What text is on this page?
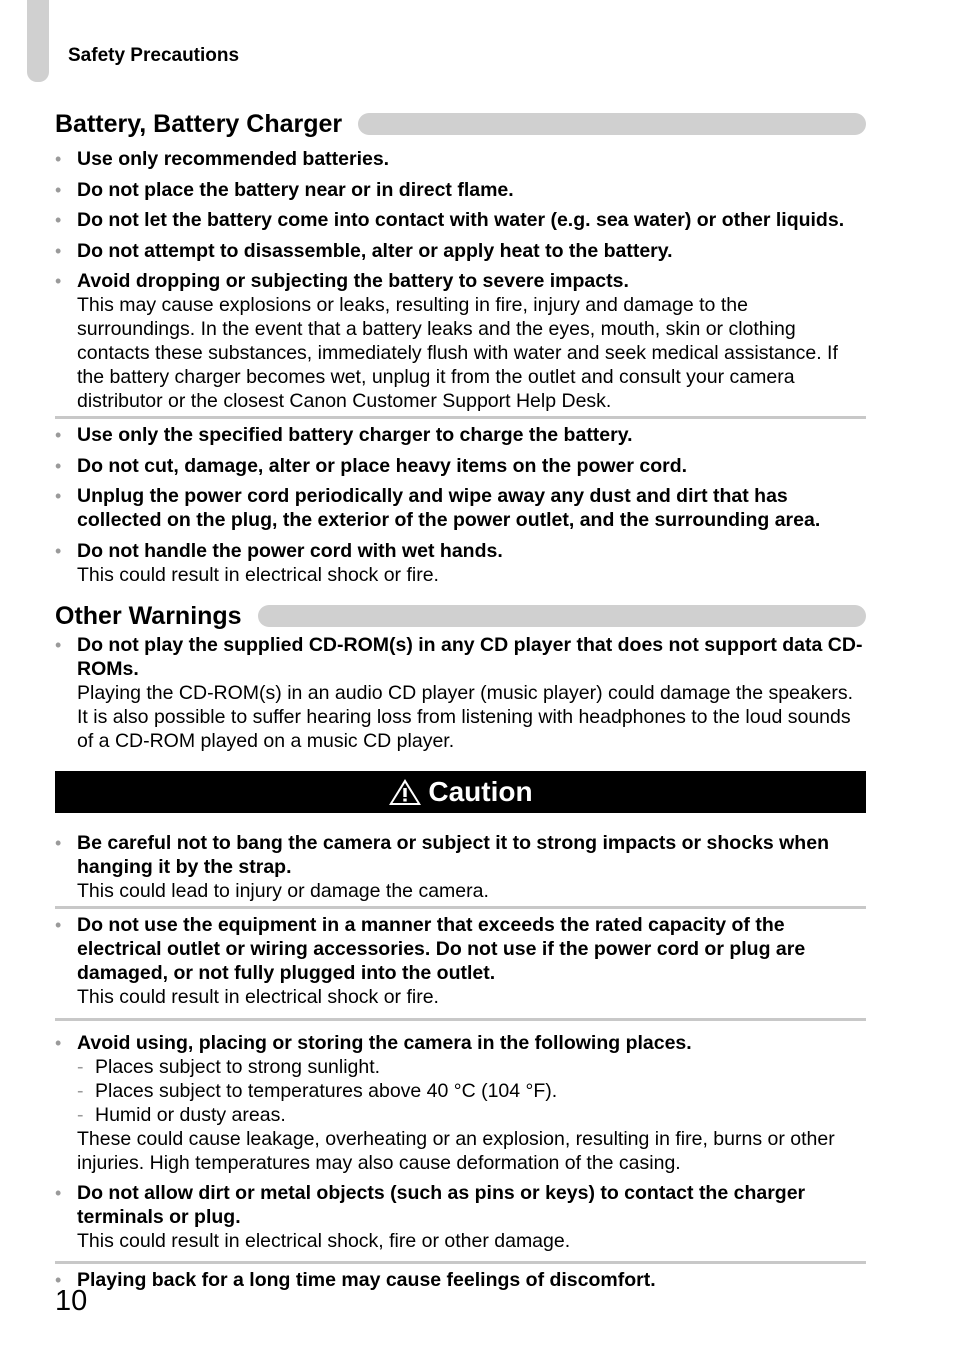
Safety Precautions

Battery, Battery Charger
• Use only recommended batteries.
• Do not place the battery near or in direct flame.
• Do not let the battery come into contact with water (e.g. sea water) or other liquids.
• Do not attempt to disassemble, alter or apply heat to the battery.
• Avoid dropping or subjecting the battery to severe impacts.
This may cause explosions or leaks, resulting in fire, injury and damage to the surroundings. In the event that a battery leaks and the eyes, mouth, skin or clothing contacts these substances, immediately flush with water and seek medical assistance. If the battery charger becomes wet, unplug it from the outlet and consult your camera distributor or the closest Canon Customer Support Help Desk.
• Use only the specified battery charger to charge the battery.
• Do not cut, damage, alter or place heavy items on the power cord.
• Unplug the power cord periodically and wipe away any dust and dirt that has collected on the plug, the exterior of the power outlet, and the surrounding area.
• Do not handle the power cord with wet hands.
This could result in electrical shock or fire.
Other Warnings
• Do not play the supplied CD-ROM(s) in any CD player that does not support data CD-ROMs.
Playing the CD-ROM(s) in an audio CD player (music player) could damage the speakers. It is also possible to suffer hearing loss from listening with headphones to the loud sounds of a CD-ROM played on a music CD player.
Caution
• Be careful not to bang the camera or subject it to strong impacts or shocks when hanging it by the strap.
This could lead to injury or damage the camera.
• Do not use the equipment in a manner that exceeds the rated capacity of the electrical outlet or wiring accessories. Do not use if the power cord or plug are damaged, or not fully plugged into the outlet.
This could result in electrical shock or fire.
• Avoid using, placing or storing the camera in the following places.
- Places subject to strong sunlight.
- Places subject to temperatures above 40 °C (104 °F).
- Humid or dusty areas.
These could cause leakage, overheating or an explosion, resulting in fire, burns or other injuries. High temperatures may also cause deformation of the casing.
• Do not allow dirt or metal objects (such as pins or keys) to contact the charger terminals or plug.
This could result in electrical shock, fire or other damage.
• Playing back for a long time may cause feelings of discomfort.

10
